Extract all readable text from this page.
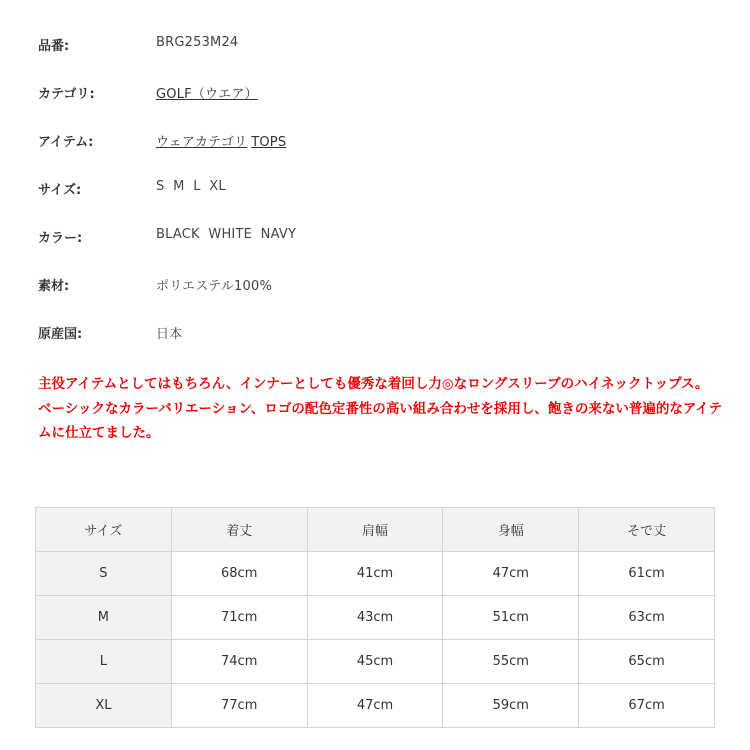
品番:	BRG253M24
カテゴリ:	GOLF（ウエア）
アイテム:	ウェアカテゴリ TOPS
サイズ:	S  M  L  XL
カラー:	BLACK  WHITE  NAVY
素材:	ポリエステル100%
原産国:	日本

主役アイテムとしてはもちろん、インナーとしても優秀な着回し力◎なロングスリーブのハイネックトップス。

ベーシックなカラーバリエーション、ロゴの配色定番性の高い組み合わせを採用し、飽きの来ない普遍的なアイテムに仕立てました。

サイズ	着丈	肩幅	身幅	そで丈
S	68cm	41cm	47cm	61cm
M	71cm	43cm	51cm	63cm
L	74cm	45cm	55cm	65cm
XL	77cm	47cm	59cm	67cm
